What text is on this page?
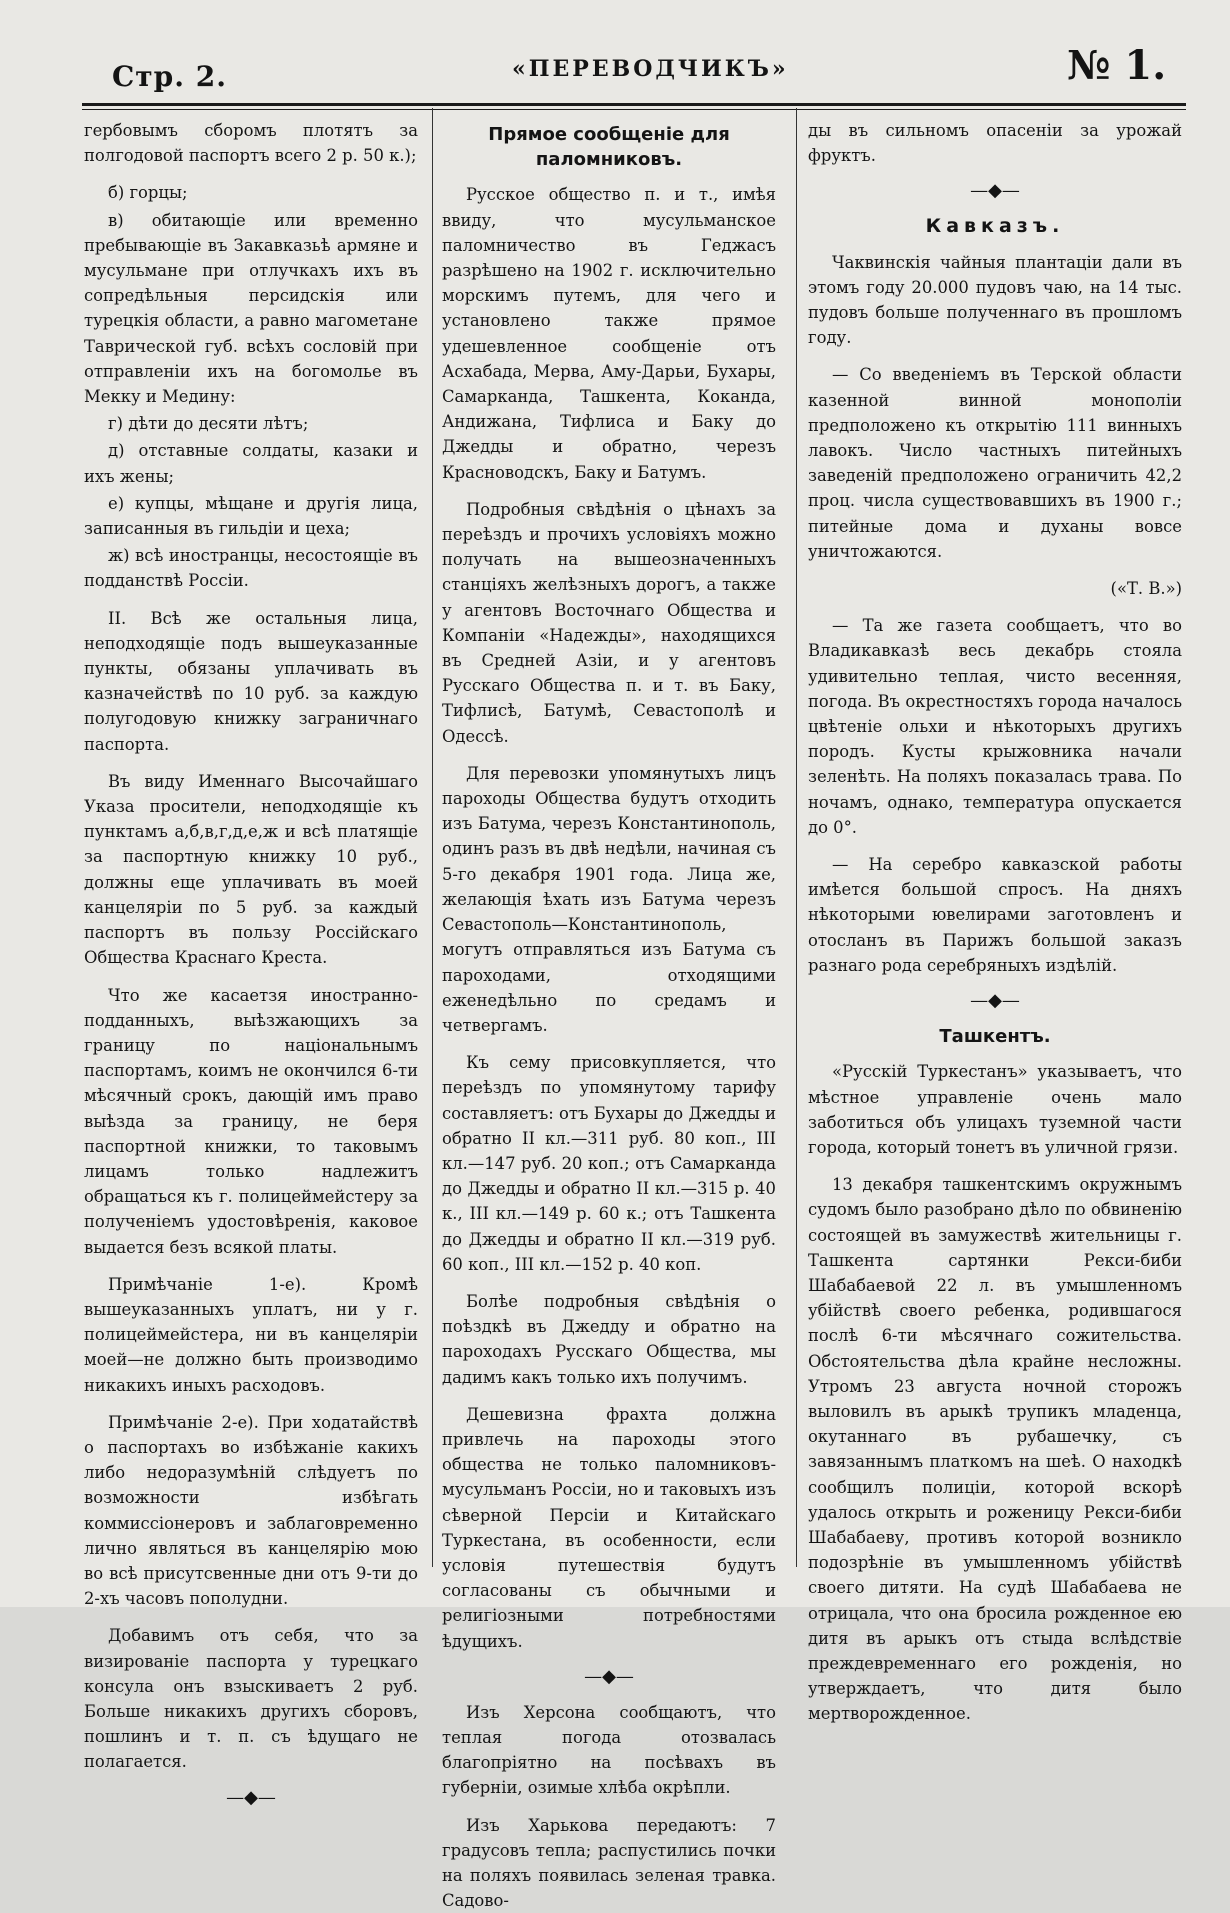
Стр. 2.	«ПЕРЕВОДЧИКЪ»	№ 1.

гербовымъ сборомъ плотятъ за полгодовой паспортъ всего 2 р. 50 к.);

б) горцы;

в) обитающіе или временно пребывающіе въ Закавказьѣ армяне и мусульмане при отлучкахъ ихъ въ сопредѣльныя персидскія или турецкія области, а равно магометане Таврической губ. всѣхъ сословій при отправленіи ихъ на богомолье въ Мекку и Медину:

г) дѣти до десяти лѣтъ;

д) отставные солдаты, казаки и ихъ жены;

е) купцы, мѣщане и другія лица, записанныя въ гильдіи и цеха;

ж) всѣ иностранцы, несостоящіе въ подданствѣ Россіи.

II. Всѣ же остальныя лица, неподходящіе подъ вышеуказанные пункты, обязаны уплачивать въ казначействѣ по 10 руб. за каждую полугодовую книжку заграничнаго паспорта.

Въ виду Именнаго Высочайшаго Указа просители, неподходящіе къ пунктамъ а,б,в,г,д,е,ж и всѣ платящіе за паспортную книжку 10 руб., должны еще уплачивать въ моей канцеляріи по 5 руб. за каждый паспортъ въ пользу Россійскаго Общества Краснаго Креста.

Что же касаетзя иностранно-подданныхъ, выѣзжающихъ за границу по національнымъ паспортамъ, коимъ не окончился 6-ти мѣсячный срокъ, дающій имъ право выѣзда за границу, не беря паспортной книжки, то таковымъ лицамъ только надлежитъ обращаться къ г. полицеймейстеру за полученіемъ удостовѣренія, каковое выдается безъ всякой платы.

Примѣчаніе 1-е). Кромѣ вышеуказанныхъ уплатъ, ни у г. полицеймейстера, ни въ канцеляріи моей—не должно быть производимо никакихъ иныхъ расходовъ.

Примѣчаніе 2-е). При ходатайствѣ о паспортахъ во избѣжаніе какихъ либо недоразумѣній слѣдуетъ по возможности избѣгать коммиссіонеровъ и заблаговременно лично являться въ канцелярію мою во всѣ присутсвенные дни отъ 9-ти до 2-хъ часовъ пополудни.

Добавимъ отъ себя, что за визированіе паспорта у турецкаго консула онъ взыскиваетъ 2 руб. Больше никакихъ другихъ сборовъ, пошлинъ и т. п. съ ѣдущаго не полагается.

—◆—
Прямое сообщеніе для паломниковъ.

Русское общество п. и т., имѣя ввиду, что мусульманское паломничество въ Геджасъ разрѣшено на 1902 г. исключительно морскимъ путемъ, для чего и установлено также прямое удешевленное сообщеніе отъ Асхабада, Мерва, Аму-Дарьи, Бухары, Самарканда, Ташкента, Коканда, Андижана, Тифлиса и Баку до Джедды и обратно, черезъ Красноводскъ, Баку и Батумъ.

Подробныя свѣдѣнія о цѣнахъ за переѣздъ и прочихъ условіяхъ можно получать на вышеозначенныхъ станціяхъ желѣзныхъ дорогъ, а также у агентовъ Восточнаго Общества и Компаніи «Надежды», находящихся въ Средней Азіи, и у агентовъ Русскаго Общества п. и т. въ Баку, Тифлисѣ, Батумѣ, Севастополѣ и Одессѣ.

Для перевозки упомянутыхъ лицъ пароходы Общества будутъ отходить изъ Батума, черезъ Константинополь, одинъ разъ въ двѣ недѣли, начиная съ 5-го декабря 1901 года. Лица же, желающія ѣхать изъ Батума черезъ Севастополь—Константинополь, могутъ отправляться изъ Батума съ пароходами, отходящими еженедѣльно по средамъ и четвергамъ.

Къ сему присовкупляется, что переѣздъ по упомянутому тарифу составляетъ: отъ Бухары до Джедды и обратно II кл.—311 руб. 80 коп., III кл.—147 руб. 20 коп.; отъ Самарканда до Джедды и обратно II кл.—315 р. 40 к., III кл.—149 р. 60 к.; отъ Ташкента до Джедды и обратно II кл.—319 руб. 60 коп., III кл.—152 р. 40 коп.

Болѣе подробныя свѣдѣнія о поѣздкѣ въ Джедду и обратно на пароходахъ Русскаго Общества, мы дадимъ какъ только ихъ получимъ.

Дешевизна фрахта должна привлечь на пароходы этого общества не только паломниковъ-мусульманъ Россіи, но и таковыхъ изъ сѣверной Персіи и Китайскаго Туркестана, въ особенности, если условія путешествія будутъ согласованы съ обычными и религіозными потребностями ѣдущихъ.

—◆—

Изъ Херсона сообщаютъ, что теплая погода отозвалась благопріятно на посѣвахъ въ губерніи, озимые хлѣба окрѣпли.

Изъ Харькова передаютъ: 7 градусовъ тепла; распустились почки на поляхъ появилась зеленая травка. Садово-

ды въ сильномъ опасеніи за урожай фруктъ.

—◆—
Кавказъ.

Чаквинскія чайныя плантаціи дали въ этомъ году 20.000 пудовъ чаю, на 14 тыс. пудовъ больше полученнаго въ прошломъ году.

— Со введеніемъ въ Терской области казенной винной монополіи предположено къ открытію 111 винныхъ лавокъ. Число частныхъ питейныхъ заведеній предположено ограничить 42,2 проц. числа существовавшихъ въ 1900 г.; питейные дома и духаны вовсе уничтожаются.

(«Т. В.»)

— Та же газета сообщаетъ, что во Владикавказѣ весь декабрь стояла удивительно теплая, чисто весенняя, погода. Въ окрестностяхъ города началось цвѣтеніе ольхи и нѣкоторыхъ другихъ породъ. Кусты крыжовника начали зеленѣть. На поляхъ показалась трава. По ночамъ, однако, температура опускается до 0°.

— На серебро кавказской работы имѣется большой спросъ. На дняхъ нѣкоторыми ювелирами заготовленъ и отосланъ въ Парижъ большой заказъ разнаго рода серебряныхъ издѣлій.

—◆—
Ташкентъ.

«Русскій Туркестанъ» указываетъ, что мѣстное управленіе очень мало заботиться объ улицахъ туземной части города, который тонетъ въ уличной грязи.

13 декабря ташкентскимъ окружнымъ судомъ было разобрано дѣло по обвиненію состоящей въ замужествѣ жительницы г. Ташкента сартянки Рекси-биби Шабабаевой 22 л. въ умышленномъ убійствѣ своего ребенка, родившагося послѣ 6-ти мѣсячнаго сожительства. Обстоятельства дѣла крайне несложны. Утромъ 23 августа ночной сторожъ выловилъ въ арыкѣ трупикъ младенца, окутаннаго въ рубашечку, съ завязаннымъ платкомъ на шеѣ. О находкѣ сообщилъ полиціи, которой вскорѣ удалось открыть и роженицу Рекси-биби Шабабаеву, противъ которой возникло подозрѣніе въ умышленномъ убійствѣ своего дитяти. На судѣ Шабабаева не отрицала, что она бросила рожденное ею дитя въ арыкъ отъ стыда вслѣдствіе преждевременнаго его рожденія, но утверждаетъ, что дитя было мертворожденное.
